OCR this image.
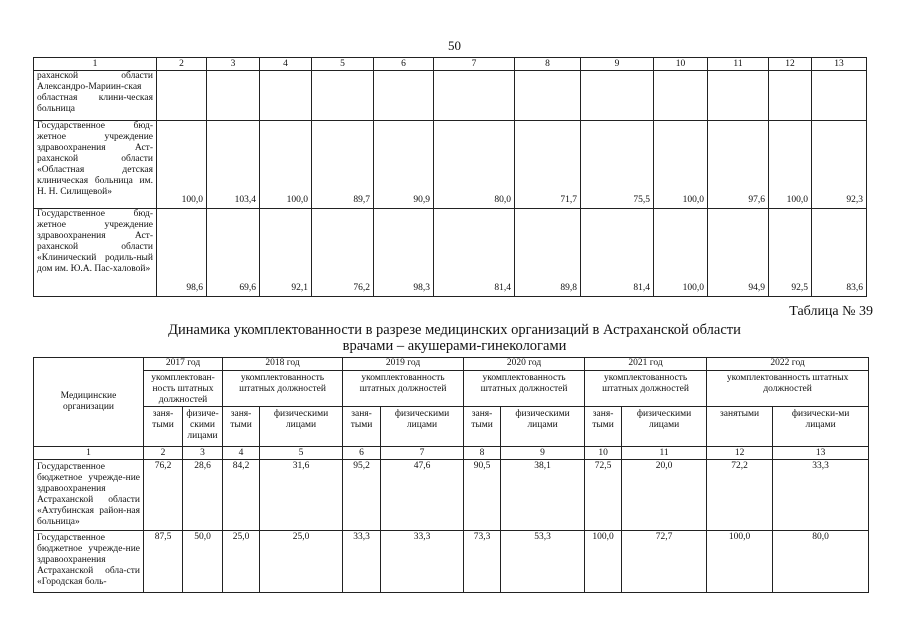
50
1	2	3	4	5	6	7	8	9	10	11	12	13
раханской области Александро-Мариин-ская областная клини-ческая больница												
Государственное бюд-жетное учреждение здравоохранения Аст-раханской области «Областная детская клиническая больница им. Н. Н. Силищевой»	100,0	103,4	100,0	89,7	90,9	80,0	71,7	75,5	100,0	97,6	100,0	92,3
Государственное бюд-жетное учреждение здравоохранения Аст-раханской области «Клинический родиль-ный дом им. Ю.А. Пас-халовой»	98,6	69,6	92,1	76,2	98,3	81,4	89,8	81,4	100,0	94,9	92,5	83,6
Таблица № 39
Динамика укомплектованности в разрезе медицинских организаций в Астраханской области
врачами – акушерами-гинекологами
Медицинские организации	2017 год		2018 год		2019 год		2020 год		2021 год		2022 год	
	укомплектован-ность штатных должностей		укомплектованность штатных должностей		укомплектованность штатных должностей		укомплектованность штатных должностей		укомплектованность штатных должностей		укомплектованность штатных должностей	
	заня-тыми	физиче-скими лицами	заня-тыми	физическими лицами	заня-тыми	физическими лицами	заня-тыми	физическими лицами	заня-тыми	физическими лицами	занятыми	физически-ми лицами
1	2	3	4	5	6	7	8	9	10	11	12	13
Государственное бюджетное учрежде-ние здравоохранения Астраханской области «Ахтубинская район-ная больница»	76,2	28,6	84,2	31,6	95,2	47,6	90,5	38,1	72,5	20,0	72,2	33,3
Государственное бюджетное учрежде-ние здравоохранения Астраханской обла-сти «Городская боль-	87,5	50,0	25,0	25,0	33,3	33,3	73,3	53,3	100,0	72,7	100,0	80,0
